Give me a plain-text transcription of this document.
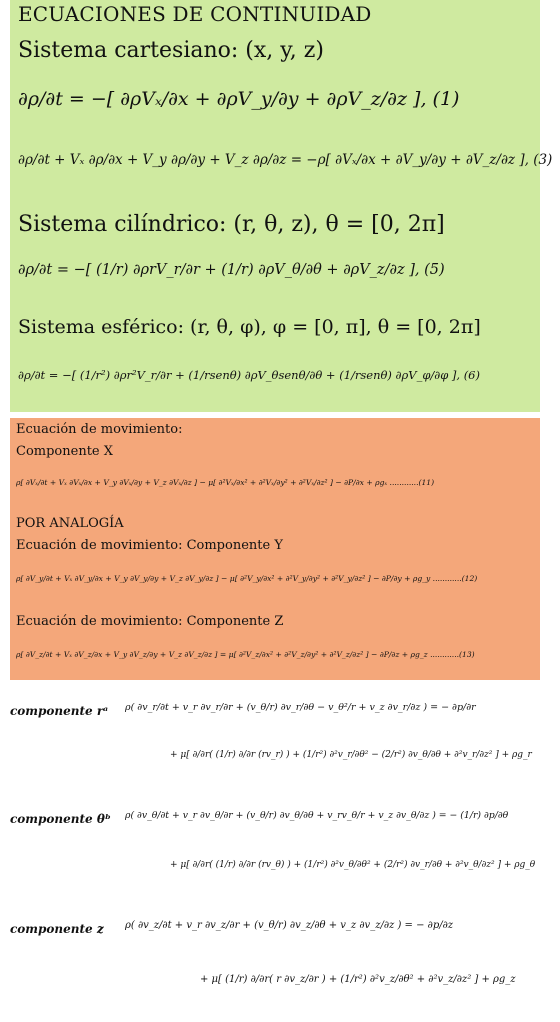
ECUACIONES DE CONTINUIDAD
Sistema cartesiano: (x, y, z)
∂ρ/∂t = −[ ∂ρVₓ/∂x + ∂ρV_y/∂y + ∂ρV_z/∂z ], (1)
∂ρ/∂t + Vₓ ∂ρ/∂x + V_y ∂ρ/∂y + V_z ∂ρ/∂z = −ρ[ ∂Vₓ/∂x + ∂V_y/∂y + ∂V_z/∂z ], (3)
Sistema cilíndrico: (r, θ, z), θ = [0, 2π]
∂ρ/∂t = −[ (1/r) ∂ρrV_r/∂r + (1/r) ∂ρV_θ/∂θ + ∂ρV_z/∂z ], (5)
Sistema esférico: (r, θ, φ), φ = [0, π], θ = [0, 2π]
∂ρ/∂t = −[ (1/r²) ∂ρr²V_r/∂r + (1/rsenθ) ∂ρV_θsenθ/∂θ + (1/rsenθ) ∂ρV_φ/∂φ ], (6)
Ecuación de movimiento:
Componente X
ρ[ ∂Vₓ/∂t + Vₓ ∂Vₓ/∂x + V_y ∂Vₓ/∂y + V_z ∂Vₓ/∂z ] − μ[ ∂²Vₓ/∂x² + ∂²Vₓ/∂y² + ∂²Vₓ/∂z² ] − ∂P/∂x + ρgₓ ............(11)
POR ANALOGÍA
Ecuación de movimiento: Componente Y
ρ[ ∂V_y/∂t + Vₓ ∂V_y/∂x + V_y ∂V_y/∂y + V_z ∂V_y/∂z ] − μ[ ∂²V_y/∂x² + ∂²V_y/∂y² + ∂²V_y/∂z² ] − ∂P/∂y + ρg_y ............(12)
Ecuación de movimiento: Componente Z
ρ[ ∂V_z/∂t + Vₓ ∂V_z/∂x + V_y ∂V_z/∂y + V_z ∂V_z/∂z ] = μ[ ∂²V_z/∂x² + ∂²V_z/∂y² + ∂²V_z/∂z² ] − ∂P/∂z + ρg_z ............(13)
componente rᵃ ρ( ∂v_r/∂t + v_r ∂v_r/∂r + (v_θ/r) ∂v_r/∂θ − v_θ²/r + v_z ∂v_r/∂z ) = − ∂p/∂r
+ μ[ ∂/∂r( (1/r) ∂/∂r (rv_r) ) + (1/r²) ∂²v_r/∂θ² − (2/r²) ∂v_θ/∂θ + ∂²v_r/∂z² ] + ρg_r
componente θᵇ ρ( ∂v_θ/∂t + v_r ∂v_θ/∂r + (v_θ/r) ∂v_θ/∂θ + v_rv_θ/r + v_z ∂v_θ/∂z ) = − (1/r) ∂p/∂θ
+ μ[ ∂/∂r( (1/r) ∂/∂r (rv_θ) ) + (1/r²) ∂²v_θ/∂θ² + (2/r²) ∂v_r/∂θ + ∂²v_θ/∂z² ] + ρg_θ
componente z ρ( ∂v_z/∂t + v_r ∂v_z/∂r + (v_θ/r) ∂v_z/∂θ + v_z ∂v_z/∂z ) = − ∂p/∂z
+ μ[ (1/r) ∂/∂r( r ∂v_z/∂r ) + (1/r²) ∂²v_z/∂θ² + ∂²v_z/∂z² ] + ρg_z
